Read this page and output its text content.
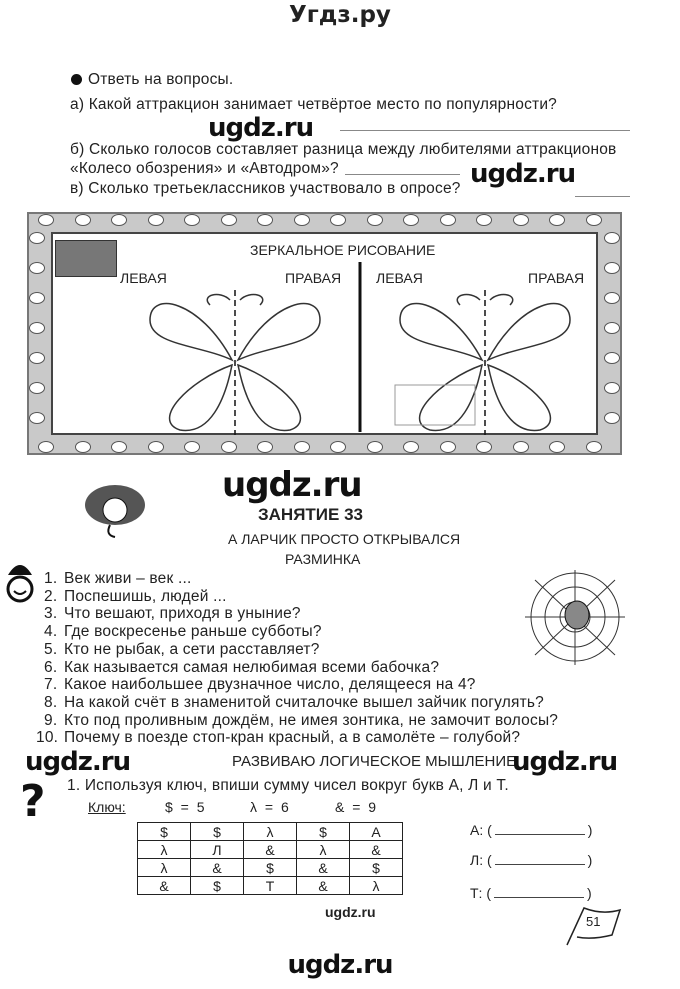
Угдз.ру
Ответь на вопросы.
а) Какой аттракцион занимает четвёртое место по популярности?
б) Сколько голосов составляет разница между любителями аттракционов
«Колесо обозрения» и «Автодром»?
в) Сколько третьеклассников участвовало в опросе?
ЗЕРКАЛЬНОЕ РИСОВАНИЕ
ЛЕВАЯ	ПРАВАЯ ЛЕВАЯ	ПРАВАЯ
ЗАНЯТИЕ 33
А ЛАРЧИК ПРОСТО ОТКРЫВАЛСЯ
РАЗМИНКА
1. Век живи – век ...
2. Поспешишь, людей ...
3. Что вешают, приходя в уныние?
4. Где воскресенье раньше субботы?
5. Кто не рыбак, а сети расставляет?
6. Как называется самая нелюбимая всеми бабочка?
7. Какое наибольшее двузначное число, делящееся на 4?
8. На какой счёт в знаменитой считалочке вышел зайчик погулять?
9. Кто под проливным дождём, не имея зонтика, не замочит волосы?
10. Почему в поезде стоп-кран красный, а в самолёте – голубой?
РАЗВИВАЮ ЛОГИЧЕСКОЕ МЫШЛЕНИЕ
? 1. Используя ключ, впиши сумму чисел вокруг букв А, Л и Т.
Ключ:	$ = 5	λ = 6	& = 9
$	$	λ	$	А
λ	Л	&	λ	&
λ	&	$	&	$
&	$	Т	&	λ
А: (	)
Л: (	)
Т: (	)
ugdz.ru
51
ugdz.ru
ugdz.ru
ugdz.ru
ugdz.ru	ugdz.ru
ugdz.ru
